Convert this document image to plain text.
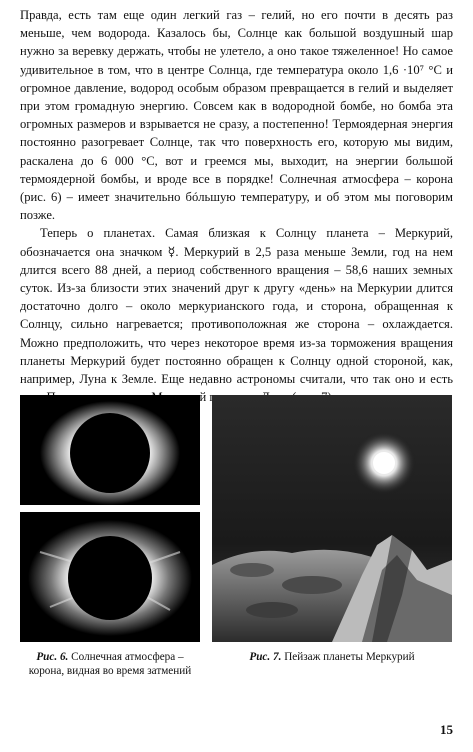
Правда, есть там еще один легкий газ – гелий, но его почти в десять раз меньше, чем водорода. Казалось бы, Солнце как большой воздушный шар нужно за веревку держать, чтобы не улетело, а оно такое тяжеленное! Но самое удивительное в том, что в центре Солнца, где температура около 1,6 ·10⁷ °С и огромное давление, водород особым образом превращается в гелий и выделяет при этом громадную энергию. Совсем как в водородной бомбе, но бомба эта огромных размеров и взрывается не сразу, а постепенно! Термоядерная энергия постоянно разогревает Солнце, так что поверхность его, которую мы видим, раскалена до 6 000 °С, вот и греемся мы, выходит, на энергии большой термоядерной бомбы, и вроде все в порядке! Солнечная атмосфера – корона (рис. 6) – имеет значительно бóльшую температуру, и об этом мы поговорим позже.

Теперь о планетах. Самая близкая к Солнцу планета – Меркурий, обозначается она значком ☿. Меркурий в 2,5 раза меньше Земли, год на нем длится всего 88 дней, а период собственного вращения – 58,6 наших земных суток. Из-за близости этих значений друг к другу «день» на Меркурии длится достаточно долго – около меркурианского года, и сторона, обращенная к Солнцу, сильно нагревается; противоположная же сторона – охлаждается. Можно предположить, что через некоторое время из-за торможения вращения планеты Меркурий будет постоянно обращен к Солнцу одной стороной, как, например, Луна к Земле. Еще недавно астрономы считали, что так оно и есть

Рис. 6. Солнечная атмосфера – корона, видная во время затмений
Рис. 7. Пейзаж планеты Меркурий
15
